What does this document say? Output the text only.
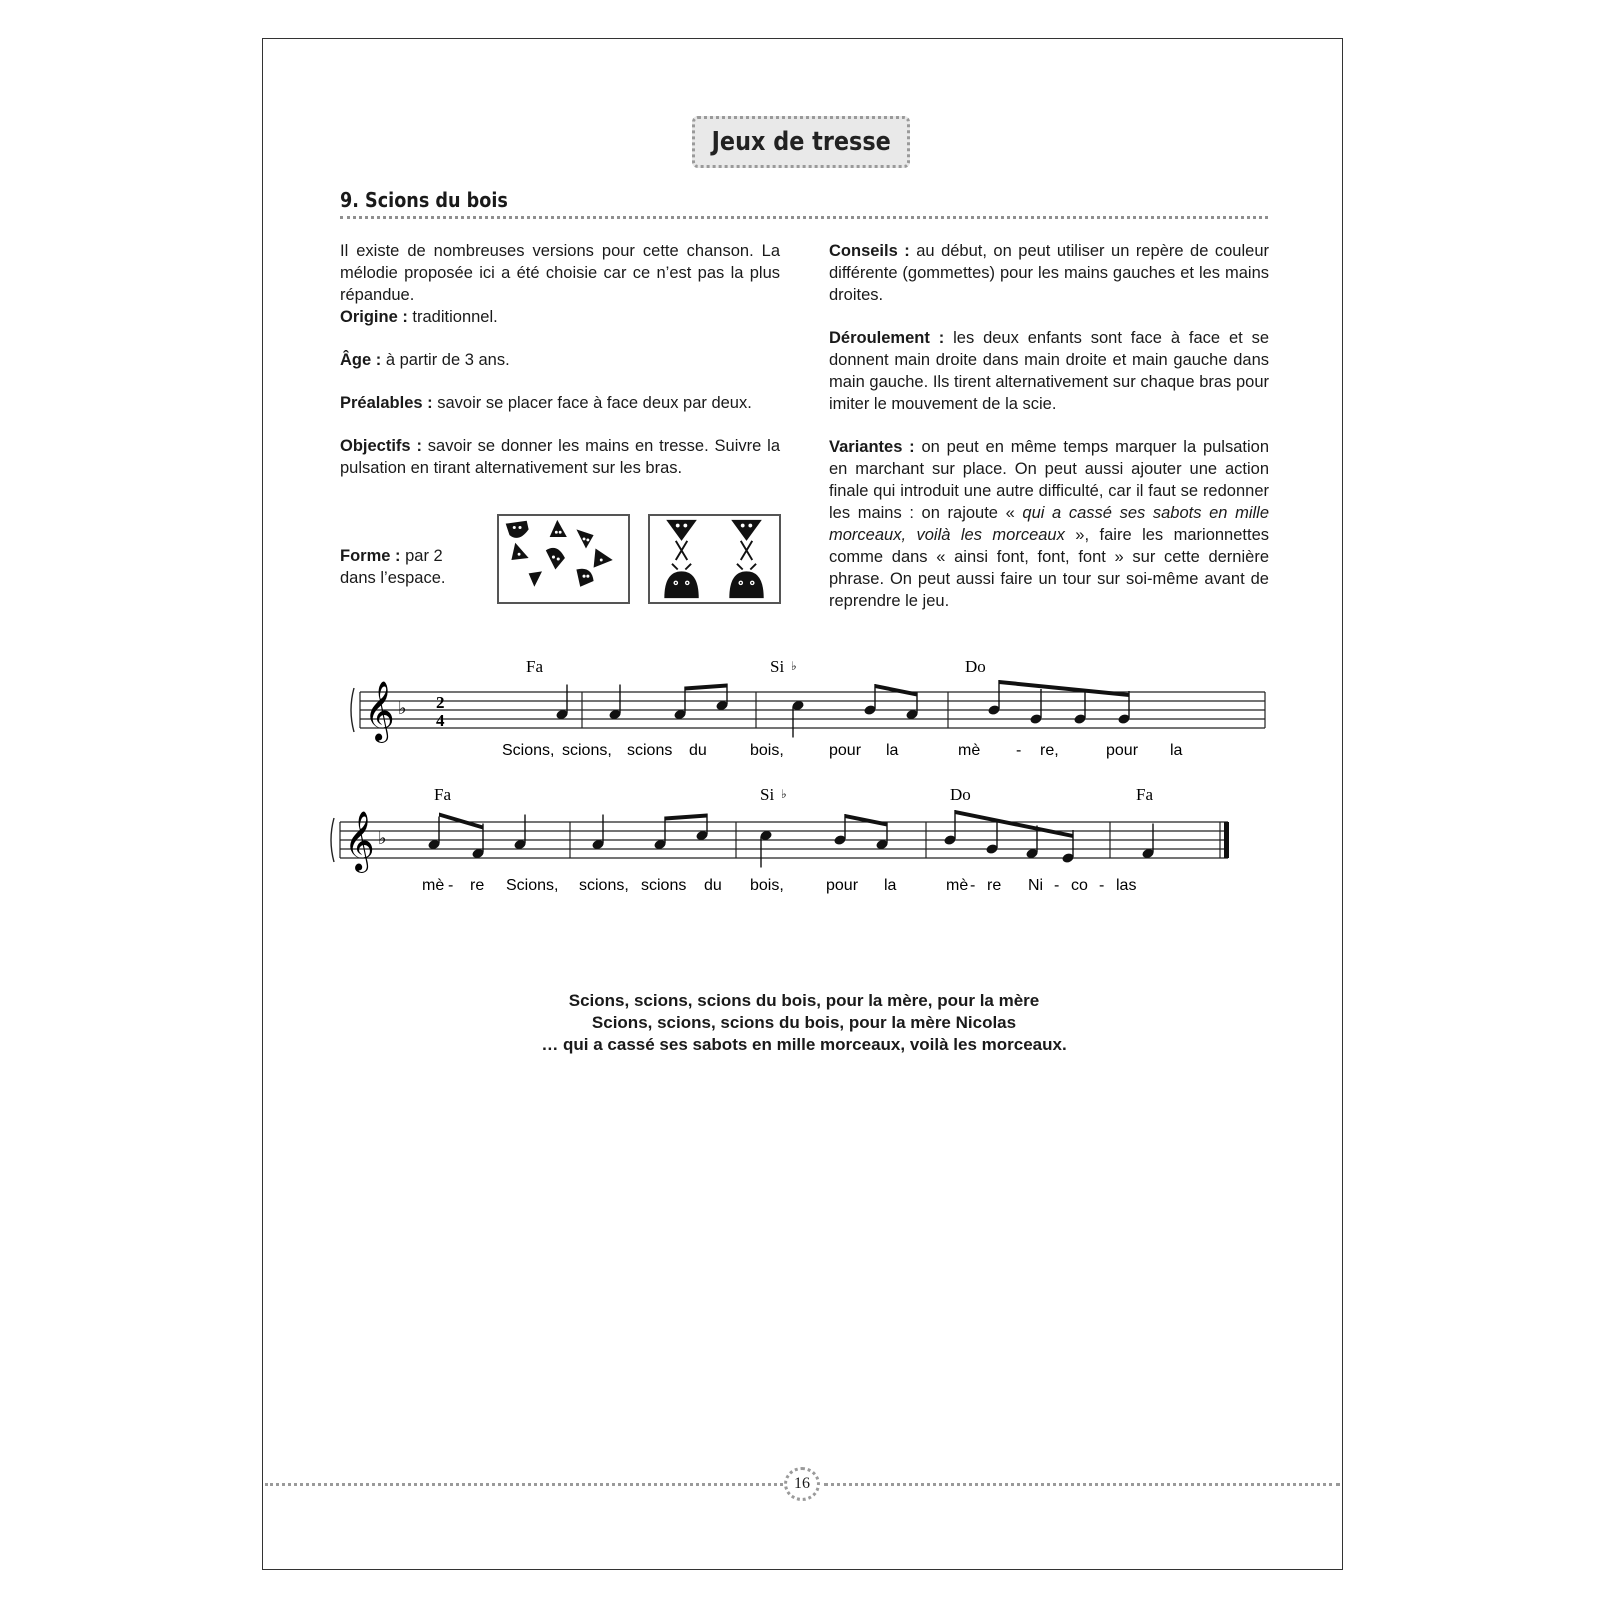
Jeux de tresse
9. Scions du bois

Il existe de nombreuses versions pour cette chanson. La mélodie proposée ici a été choisie car ce n’est pas la plus répandue.
Origine : traditionnel.

Âge : à partir de 3 ans.

Préalables : savoir se placer face à face deux par deux.

Objectifs : savoir se donner les mains en tresse. Suivre la pulsation en tirant alternativement sur les bras.

Forme : par 2 dans l’espace.

Conseils : au début, on peut utiliser un repère de couleur différente (gommettes) pour les mains gauches et les mains droites.

Déroulement : les deux enfants sont face à face et se donnent main droite dans main droite et main gauche dans main gauche. Ils tirent alternativement sur chaque bras pour imiter le mouvement de la scie.

Variantes : on peut en même temps marquer la pulsation en marchant sur place. On peut aussi ajouter une action finale qui introduit une autre difficulté, car il faut se redonner les mains : on rajoute « qui a cassé ses sabots en mille morceaux, voilà les morceaux », faire les marionnettes comme dans « ainsi font, font, font » sur cette dernière phrase. On peut aussi faire un tour sur soi-même avant de reprendre le jeu.

𝄞 ♭ 2
4
Fa	Si	Do
♭
Scions, scions, scions du	bois,	pour la	mè - re,	pour la
𝄞 ♭
Fa	Si	Do	Fa
♭
mè - re Scions, scions, scions du bois,	pour la	mè - re Ni - co - las
Scions, scions, scions du bois, pour la mère, pour la mère
Scions, scions, scions du bois, pour la mère Nicolas
… qui a cassé ses sabots en mille morceaux, voilà les morceaux.
16
